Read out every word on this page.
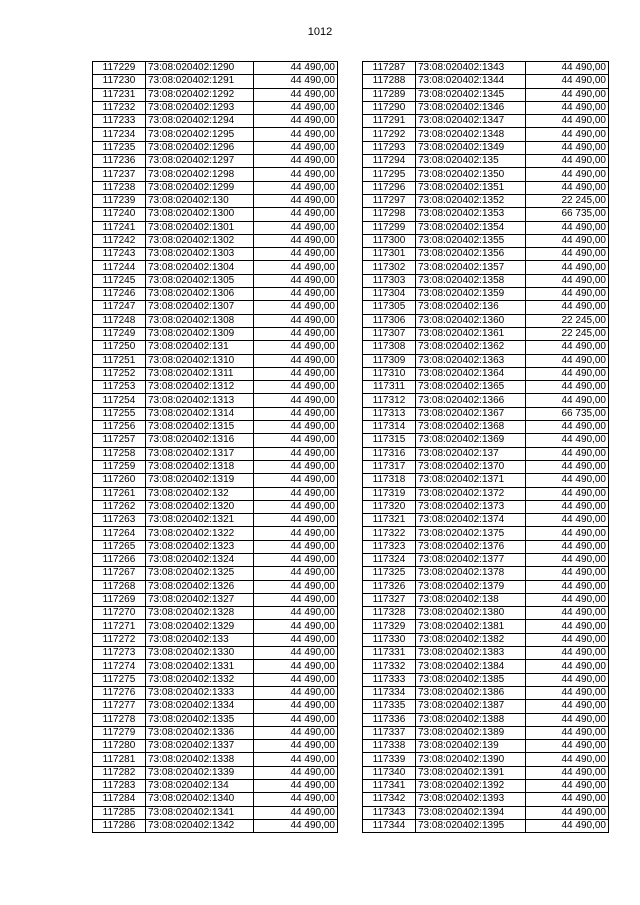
1012
117229	73:08:020402:1290	44 490,00
117230	73:08:020402:1291	44 490,00
117231	73:08:020402:1292	44 490,00
117232	73:08:020402:1293	44 490,00
117233	73:08:020402:1294	44 490,00
117234	73:08:020402:1295	44 490,00
117235	73:08:020402:1296	44 490,00
117236	73:08:020402:1297	44 490,00
117237	73:08:020402:1298	44 490,00
117238	73:08:020402:1299	44 490,00
117239	73:08:020402:130	44 490,00
117240	73:08:020402:1300	44 490,00
117241	73:08:020402:1301	44 490,00
117242	73:08:020402:1302	44 490,00
117243	73:08:020402:1303	44 490,00
117244	73:08:020402:1304	44 490,00
117245	73:08:020402:1305	44 490,00
117246	73:08:020402:1306	44 490,00
117247	73:08:020402:1307	44 490,00
117248	73:08:020402:1308	44 490,00
117249	73:08:020402:1309	44 490,00
117250	73:08:020402:131	44 490,00
117251	73:08:020402:1310	44 490,00
117252	73:08:020402:1311	44 490,00
117253	73:08:020402:1312	44 490,00
117254	73:08:020402:1313	44 490,00
117255	73:08:020402:1314	44 490,00
117256	73:08:020402:1315	44 490,00
117257	73:08:020402:1316	44 490,00
117258	73:08:020402:1317	44 490,00
117259	73:08:020402:1318	44 490,00
117260	73:08:020402:1319	44 490,00
117261	73:08:020402:132	44 490,00
117262	73:08:020402:1320	44 490,00
117263	73:08:020402:1321	44 490,00
117264	73:08:020402:1322	44 490,00
117265	73:08:020402:1323	44 490,00
117266	73:08:020402:1324	44 490,00
117267	73:08:020402:1325	44 490,00
117268	73:08:020402:1326	44 490,00
117269	73:08:020402:1327	44 490,00
117270	73:08:020402:1328	44 490,00
117271	73:08:020402:1329	44 490,00
117272	73:08:020402:133	44 490,00
117273	73:08:020402:1330	44 490,00
117274	73:08:020402:1331	44 490,00
117275	73:08:020402:1332	44 490,00
117276	73:08:020402:1333	44 490,00
117277	73:08:020402:1334	44 490,00
117278	73:08:020402:1335	44 490,00
117279	73:08:020402:1336	44 490,00
117280	73:08:020402:1337	44 490,00
117281	73:08:020402:1338	44 490,00
117282	73:08:020402:1339	44 490,00
117283	73:08:020402:134	44 490,00
117284	73:08:020402:1340	44 490,00
117285	73:08:020402:1341	44 490,00
117286	73:08:020402:1342	44 490,00
117287	73:08:020402:1343	44 490,00
117288	73:08:020402:1344	44 490,00
117289	73:08:020402:1345	44 490,00
117290	73:08:020402:1346	44 490,00
117291	73:08:020402:1347	44 490,00
117292	73:08:020402:1348	44 490,00
117293	73:08:020402:1349	44 490,00
117294	73:08:020402:135	44 490,00
117295	73:08:020402:1350	44 490,00
117296	73:08:020402:1351	44 490,00
117297	73:08:020402:1352	22 245,00
117298	73:08:020402:1353	66 735,00
117299	73:08:020402:1354	44 490,00
117300	73:08:020402:1355	44 490,00
117301	73:08:020402:1356	44 490,00
117302	73:08:020402:1357	44 490,00
117303	73:08:020402:1358	44 490,00
117304	73:08:020402:1359	44 490,00
117305	73:08:020402:136	44 490,00
117306	73:08:020402:1360	22 245,00
117307	73:08:020402:1361	22 245,00
117308	73:08:020402:1362	44 490,00
117309	73:08:020402:1363	44 490,00
117310	73:08:020402:1364	44 490,00
117311	73:08:020402:1365	44 490,00
117312	73:08:020402:1366	44 490,00
117313	73:08:020402:1367	66 735,00
117314	73:08:020402:1368	44 490,00
117315	73:08:020402:1369	44 490,00
117316	73:08:020402:137	44 490,00
117317	73:08:020402:1370	44 490,00
117318	73:08:020402:1371	44 490,00
117319	73:08:020402:1372	44 490,00
117320	73:08:020402:1373	44 490,00
117321	73:08:020402:1374	44 490,00
117322	73:08:020402:1375	44 490,00
117323	73:08:020402:1376	44 490,00
117324	73:08:020402:1377	44 490,00
117325	73:08:020402:1378	44 490,00
117326	73:08:020402:1379	44 490,00
117327	73:08:020402:138	44 490,00
117328	73:08:020402:1380	44 490,00
117329	73:08:020402:1381	44 490,00
117330	73:08:020402:1382	44 490,00
117331	73:08:020402:1383	44 490,00
117332	73:08:020402:1384	44 490,00
117333	73:08:020402:1385	44 490,00
117334	73:08:020402:1386	44 490,00
117335	73:08:020402:1387	44 490,00
117336	73:08:020402:1388	44 490,00
117337	73:08:020402:1389	44 490,00
117338	73:08:020402:139	44 490,00
117339	73:08:020402:1390	44 490,00
117340	73:08:020402:1391	44 490,00
117341	73:08:020402:1392	44 490,00
117342	73:08:020402:1393	44 490,00
117343	73:08:020402:1394	44 490,00
117344	73:08:020402:1395	44 490,00
